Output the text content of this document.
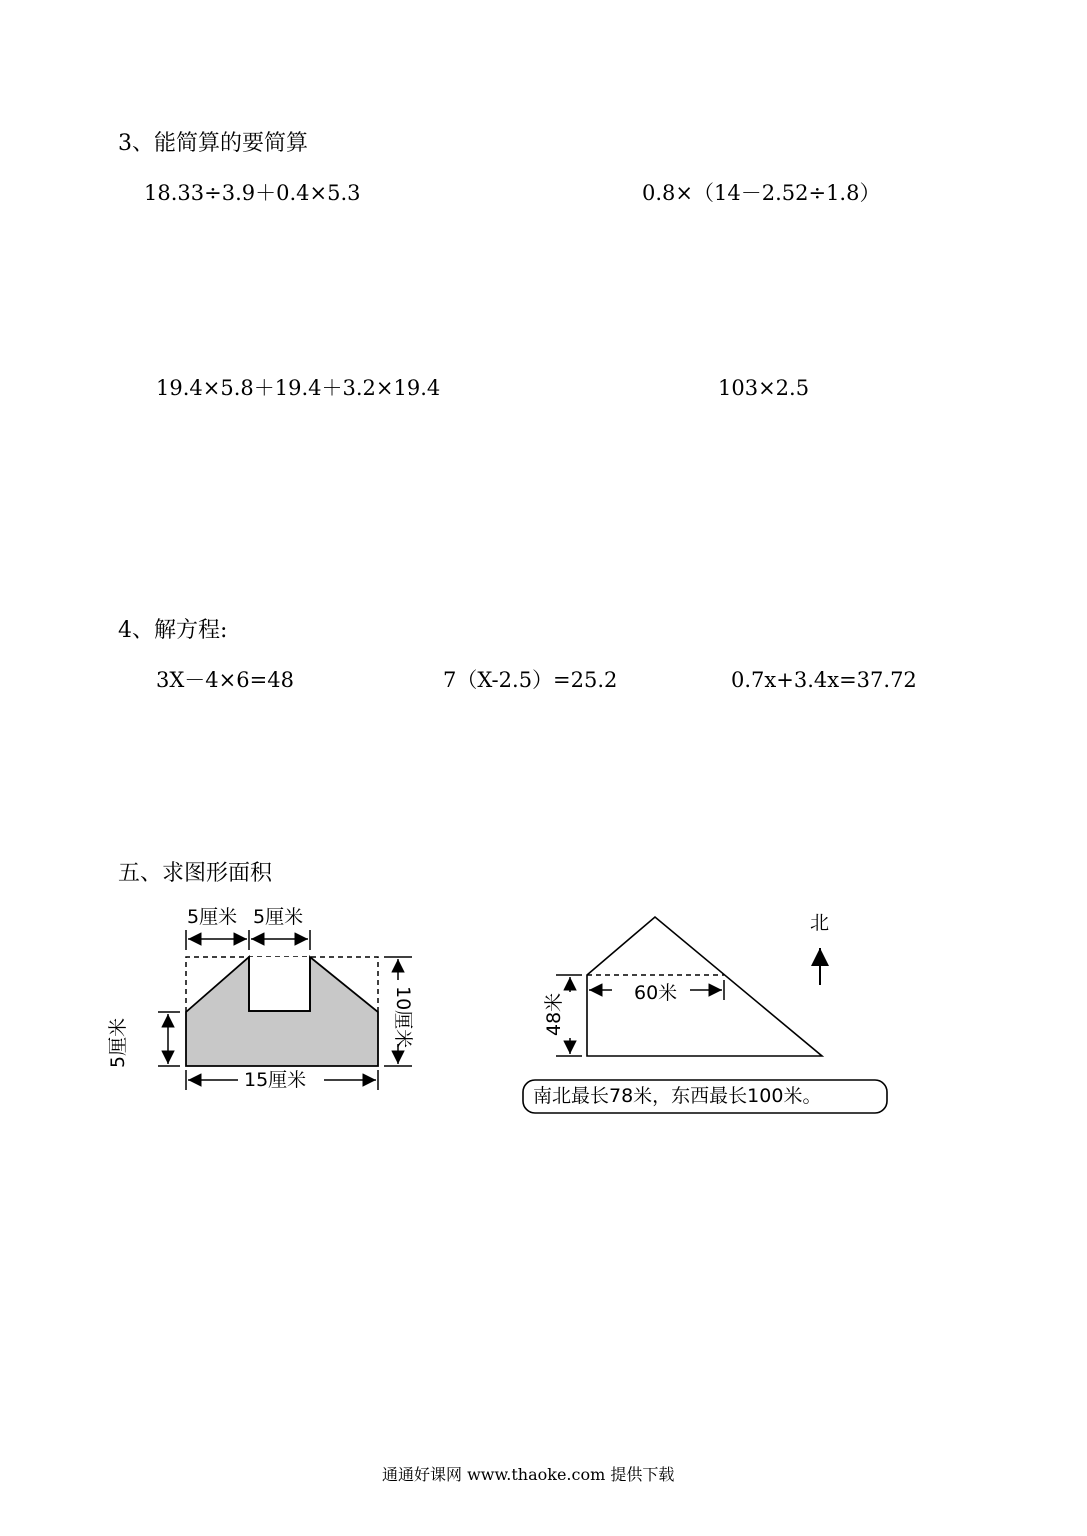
3、能简算的要简算
18.33÷3.9＋0.4×5.3	0.8×（14－2.52÷1.8）
19.4×5.8＋19.4＋3.2×19.4	103×2.5
4、解方程:
3X－4×6=48	7（X-2.5）=25.2	0.7x+3.4x=37.72
五、求图形面积
5厘米 5厘米
5厘米	10厘米
15厘米
60米
48米
北
南北最长78米，东西最长100米。
通通好课网 www.thaoke.com 提供下载
